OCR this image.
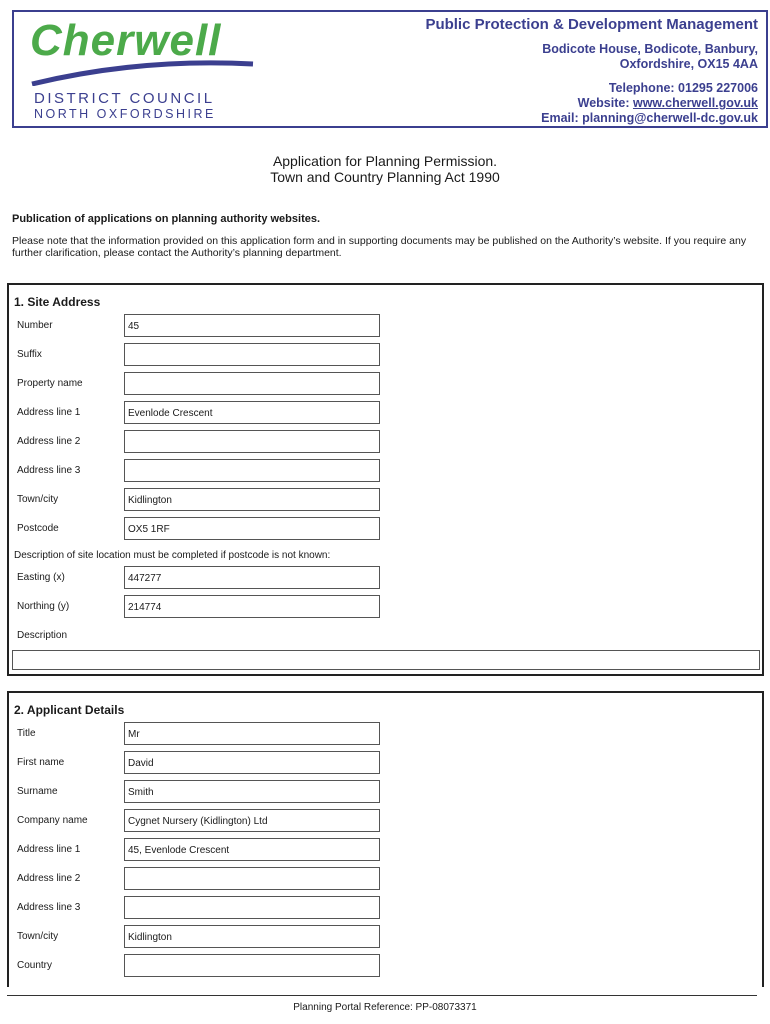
Cherwell
DISTRICT COUNCIL
NORTH OXFORDSHIRE
Public Protection & Development Management
Bodicote House, Bodicote, Banbury,
Oxfordshire, OX15 4AA
Telephone: 01295 227006
Website: www.cherwell.gov.uk
Email: planning@cherwell-dc.gov.uk
Application for Planning Permission.
Town and Country Planning Act 1990
Publication of applications on planning authority websites.
Please note that the information provided on this application form and in supporting documents may be published on the Authority’s website. If you require any further clarification, please contact the Authority’s planning department.
1. Site Address
Number	45
Suffix
Property name
Address line 1	Evenlode Crescent
Address line 2
Address line 3
Town/city	Kidlington
Postcode	OX5 1RF
Description of site location must be completed if postcode is not known:
Easting (x)	447277
Northing (y)	214774
Description
2. Applicant Details
Title	Mr
First name	David
Surname	Smith
Company name	Cygnet Nursery (Kidlington) Ltd
Address line 1	45, Evenlode Crescent
Address line 2
Address line 3
Town/city	Kidlington
Country
Planning Portal Reference: PP-08073371
